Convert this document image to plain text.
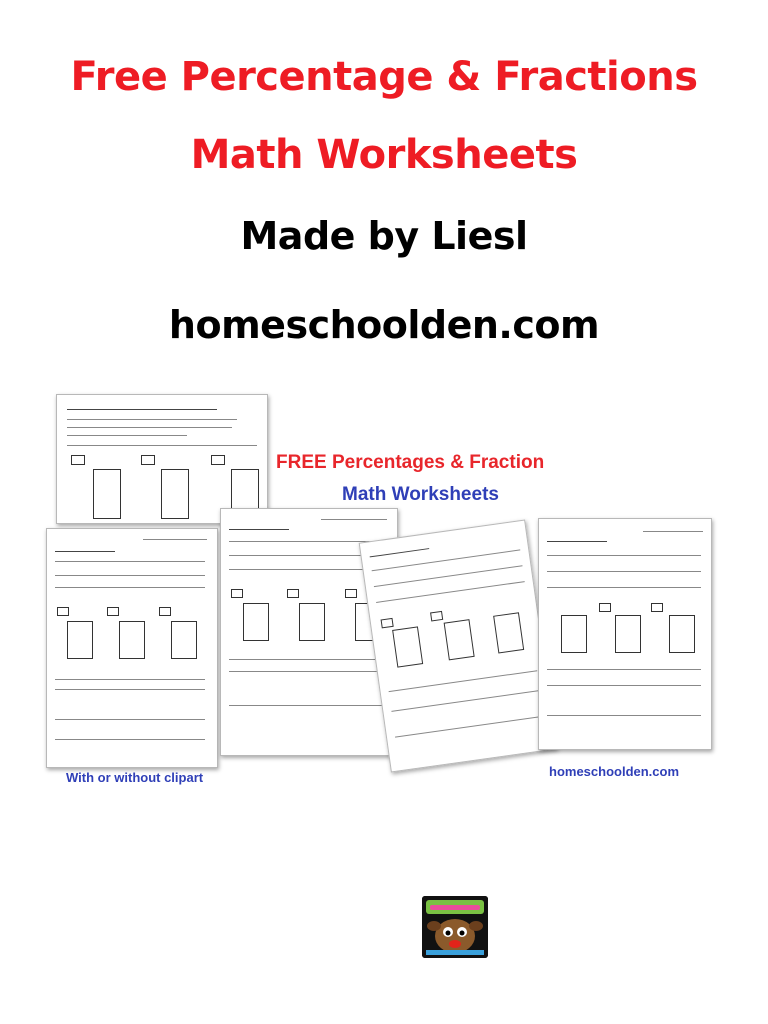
Free Percentage & Fractions
Math Worksheets
Made by Liesl
homeschoolden.com
FREE Percentages & Fraction
Math Worksheets
With or without clipart	homeschoolden.com
